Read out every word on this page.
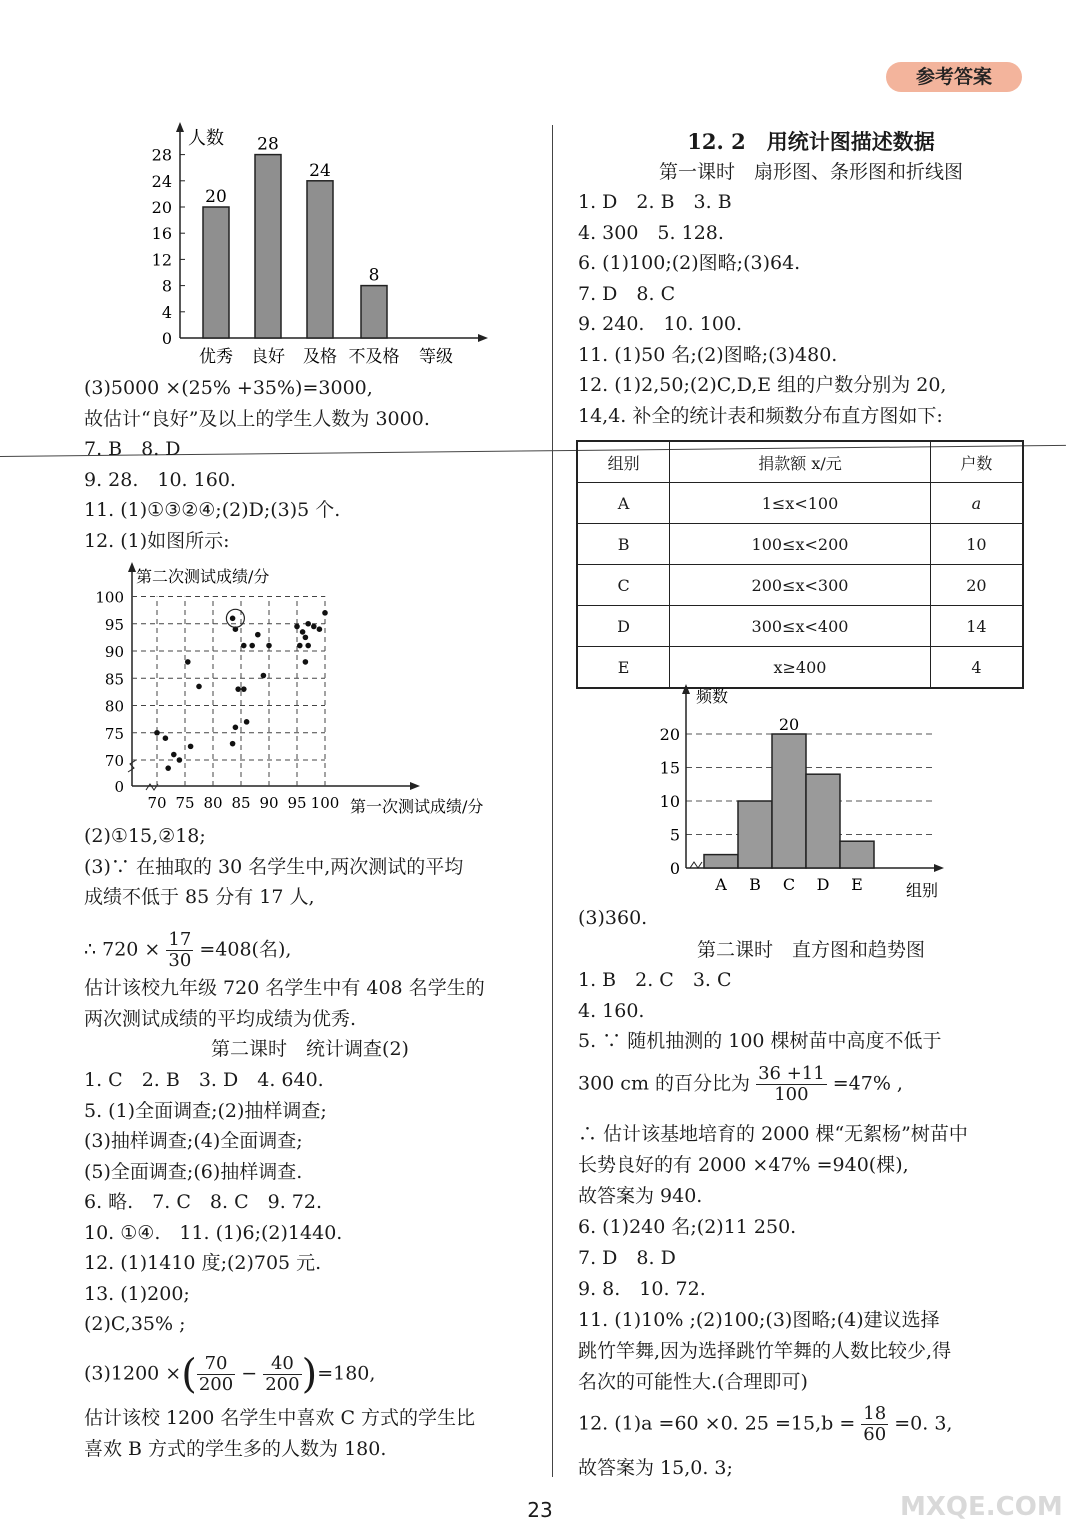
参考答案
人数
0
4
8
12
16
20
24
28
20
优秀
28
良好
24
及格
8
不及格 等级
(3)5000 ×(25% +35%)=3000,
故估计“良好”及以上的学生人数为 3000.
7. B　8. D
9. 28.　10. 160.
11. (1)①③②④;(2)D;(3)5 个.
12. (1)如图所示:
第二次测试成绩/分
0
70
75
80
85
90
95
100
70 75 80 85 90 95 100 第一次测试成绩/分
(2)①15,②18;
(3)∵ 在抽取的 30 名学生中,两次测试的平均
成绩不低于 85 分有 17 人,
∴ $720 \times \frac{17}{30} =408$(名),
估计该校九年级 720 名学生中有 408 名学生的
两次测试成绩的平均成绩为优秀.
第二课时　统计调查(2)
1. C　2. B　3. D　4. 640.
5. (1)全面调查;(2)抽样调查;
(3)抽样调查;(4)全面调查;
(5)全面调查;(6)抽样调查.
6. 略.　7. C　8. C　9. 72.
10. ①④.　11. (1)6;(2)1440.
12. (1)1410 度;(2)705 元.
13. (1)200;
(2)C,35% ;
(3)1200 ×( $\frac{70}{200} - \frac{40}{200} )=180$,
估计该校 1200 名学生中喜欢 C 方式的学生比
喜欢 B 方式的学生多的人数为 180.
12. 2　用统计图描述数据
第一课时　扇形图、条形图和折线图
1. D　2. B　3. B
4. 300　5. 128.
6. (1)100;(2)图略;(3)64.
7. D　8. C
9. 240.　10. 100.
11. (1)50 名;(2)图略;(3)480.
12. (1)2,50;(2)C,D,E 组的户数分别为 20,
14,4. 补全的统计表和频数分布直方图如下:
组别	捐款额 x/元	户数
A	1≤x<100	a
B	100≤x<200	10
C	200≤x<300	20
D	300≤x<400	14
E	x≥400	4
0
5
10
15
20
频数
A B C D E
20
组别
(3)360.
第二课时　直方图和趋势图
1. B　2. C　3. C
4. 160.
5. ∵ 随机抽测的 100 棵树苗中高度不低于
300 cm 的百分比为 $\frac{36 +11}{100} =47\%$ ,
∴ 估计该基地培育的 2000 棵“无絮杨”树苗中
长势良好的有 2000 ×47% =940(棵),
故答案为 940.
6. (1)240 名;(2)11 250.
7. D　8. D
9. 8.　10. 72.
11. (1)10% ;(2)100;(3)图略;(4)建议选择
跳竹竿舞,因为选择跳竹竿舞的人数比较少,得
名次的可能性大.(合理即可)
12. (1)a =60 ×0. $25 =15,b = \frac{18}{60} =0$. 3,
故答案为 15,0. 3;
23	MXQE.COM
